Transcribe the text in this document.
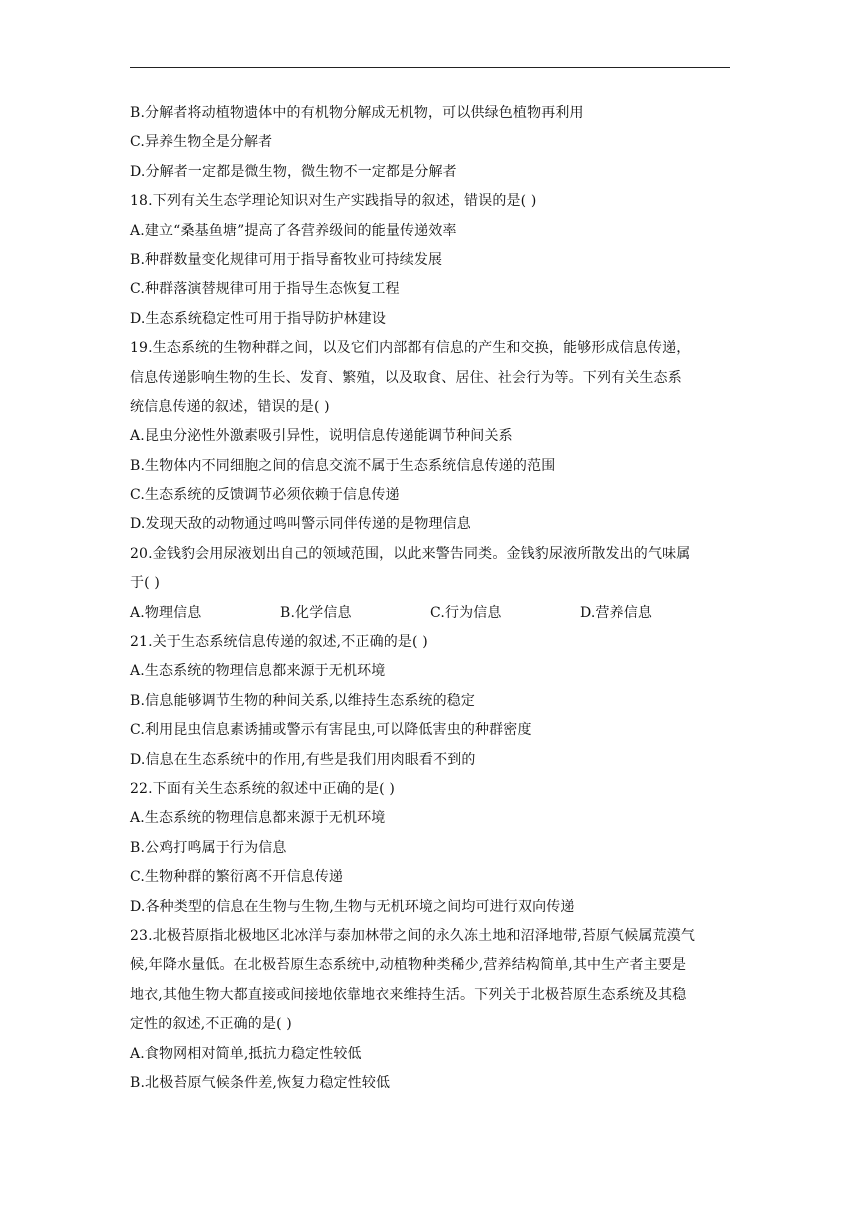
B.分解者将动植物遗体中的有机物分解成无机物，可以供绿色植物再利用
C.异养生物全是分解者
D.分解者一定都是微生物，微生物不一定都是分解者
18.下列有关生态学理论知识对生产实践指导的叙述，错误的是( )
A.建立“桑基鱼塘”提高了各营养级间的能量传递效率
B.种群数量变化规律可用于指导畜牧业可持续发展
C.种群落演替规律可用于指导生态恢复工程
D.生态系统稳定性可用于指导防护林建设
19.生态系统的生物种群之间，以及它们内部都有信息的产生和交换，能够形成信息传递，
信息传递影响生物的生长、发育、繁殖，以及取食、居住、社会行为等。下列有关生态系
统信息传递的叙述，错误的是( )
A.昆虫分泌性外激素吸引异性，说明信息传递能调节种间关系
B.生物体内不同细胞之间的信息交流不属于生态系统信息传递的范围
C.生态系统的反馈调节必须依赖于信息传递
D.发现天敌的动物通过鸣叫警示同伴传递的是物理信息
20.金钱豹会用尿液划出自己的领域范围，以此来警告同类。金钱豹尿液所散发出的气味属
于( )
A.物理信息	B.化学信息	C.行为信息	D.营养信息
21.关于生态系统信息传递的叙述,不正确的是( )
A.生态系统的物理信息都来源于无机环境
B.信息能够调节生物的种间关系,以维持生态系统的稳定
C.利用昆虫信息素诱捕或警示有害昆虫,可以降低害虫的种群密度
D.信息在生态系统中的作用,有些是我们用肉眼看不到的
22.下面有关生态系统的叙述中正确的是( )
A.生态系统的物理信息都来源于无机环境
B.公鸡打鸣属于行为信息
C.生物种群的繁衍离不开信息传递
D.各种类型的信息在生物与生物,生物与无机环境之间均可进行双向传递
23.北极苔原指北极地区北冰洋与泰加林带之间的永久冻土地和沼泽地带,苔原气候属荒漠气
候,年降水量低。在北极苔原生态系统中,动植物种类稀少,营养结构简单,其中生产者主要是
地衣,其他生物大都直接或间接地依靠地衣来维持生活。下列关于北极苔原生态系统及其稳
定性的叙述,不正确的是( )
A.食物网相对简单,抵抗力稳定性较低
B.北极苔原气候条件差,恢复力稳定性较低
